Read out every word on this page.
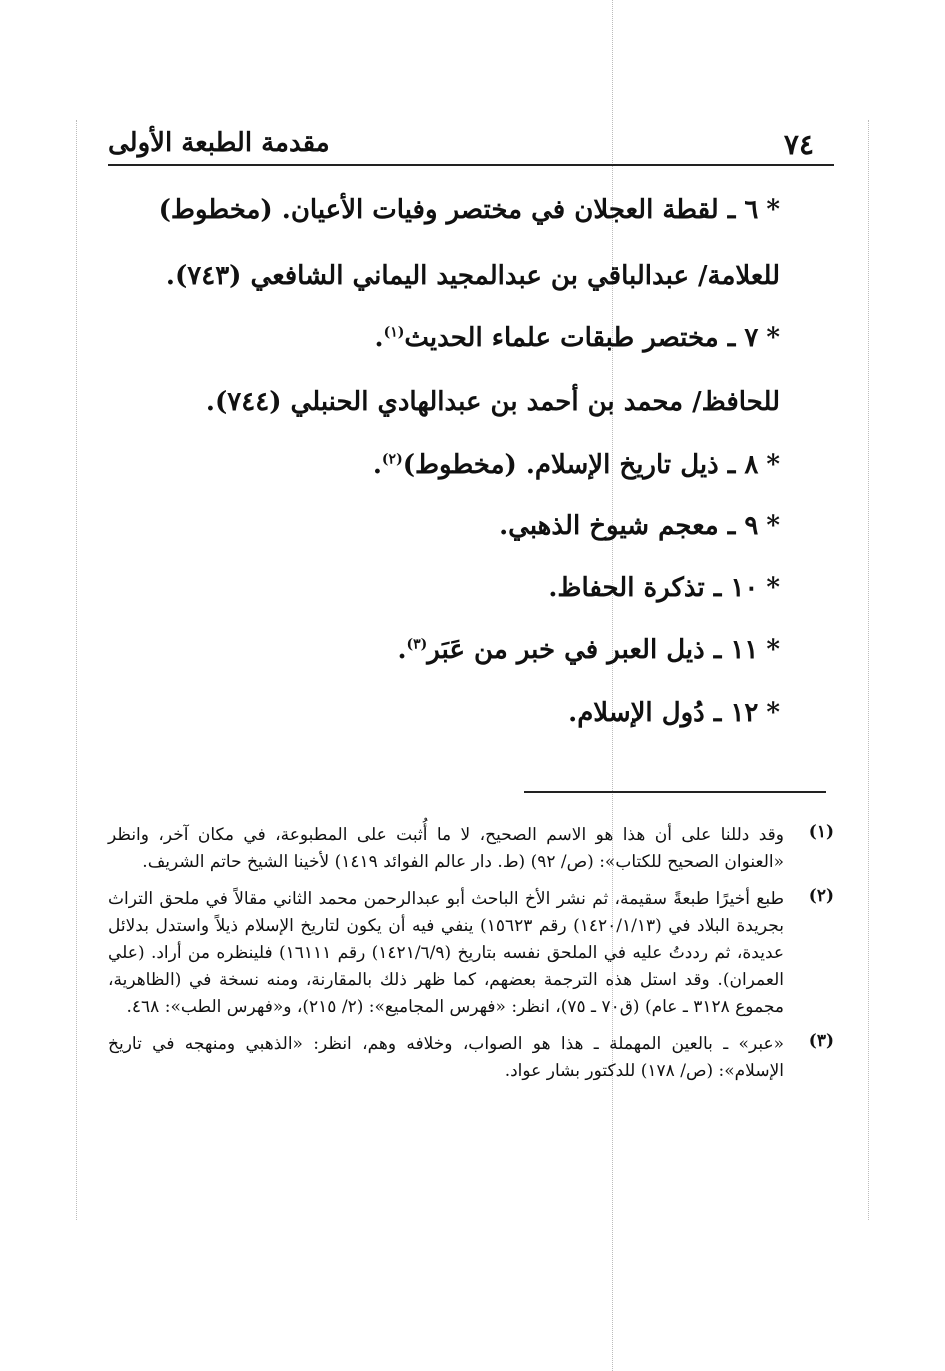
٧٤
مقدمة الطبعة الأولى
*٦ ـ لقطة العجلان في مختصر وفيات الأعيان. (مخطوط)
للعلامة/ عبدالباقي بن عبدالمجيد اليماني الشافعي (٧٤٣).
*٧ ـ مختصر طبقات علماء الحديث$^{(١)}$.
للحافظ/ محمد بن أحمد بن عبدالهادي الحنبلي (٧٤٤).
*٨ ـ ذيل تاريخ الإسلام. (مخطوط)$^{(٢)}$.
*٩ ـ معجم شيوخ الذهبي.
*١٠ ـ تذكرة الحفاظ.
*١١ ـ ذيل العبر في خبر من عَبَر$^{(٣)}$.
*١٢ ـ دُول الإسلام.
(١)
وقد دللنا على أن هذا هو الاسم الصحيح، لا ما أُثبت على المطبوعة، في مكان آخر، وانظر «العنوان الصحيح للكتاب»: (ص/ ٩٢) (ط. دار عالم الفوائد ١٤١٩) لأخينا الشيخ حاتم الشريف.
(٢)
طبع أخيرًا طبعةً سقيمة، ثم نشر الأخ الباحث أبو عبدالرحمن محمد الثاني مقالاً في ملحق التراث بجريدة البلاد في (١٤٢٠/١/١٣) رقم ١٥٦٢٣) ينفي فيه أن يكون لتاريخ الإسلام ذيلاً واستدل بدلائل عديدة، ثم رددتُ عليه في الملحق نفسه بتاريخ (١٤٢١/٦/٩) رقم ١٦١١١) فلينظره من أراد. (علي العمران). وقد استل هذه الترجمة بعضهم، كما ظهر ذلك بالمقارنة، ومنه نسخة في (الظاهرية، مجموع ٣١٢٨ ـ عام) (ق٧٠ ـ ٧٥)، انظر: «فهرس المجاميع»: (٢/ ٢١٥)، و«فهرس الطب»: ٤٦٨.
(٣)
«عبر» ـ بالعين المهملة ـ هذا هو الصواب، وخلافه وهم، انظر: «الذهبي ومنهجه في تاريخ الإسلام»: (ص/ ١٧٨) للدكتور بشار عواد.
